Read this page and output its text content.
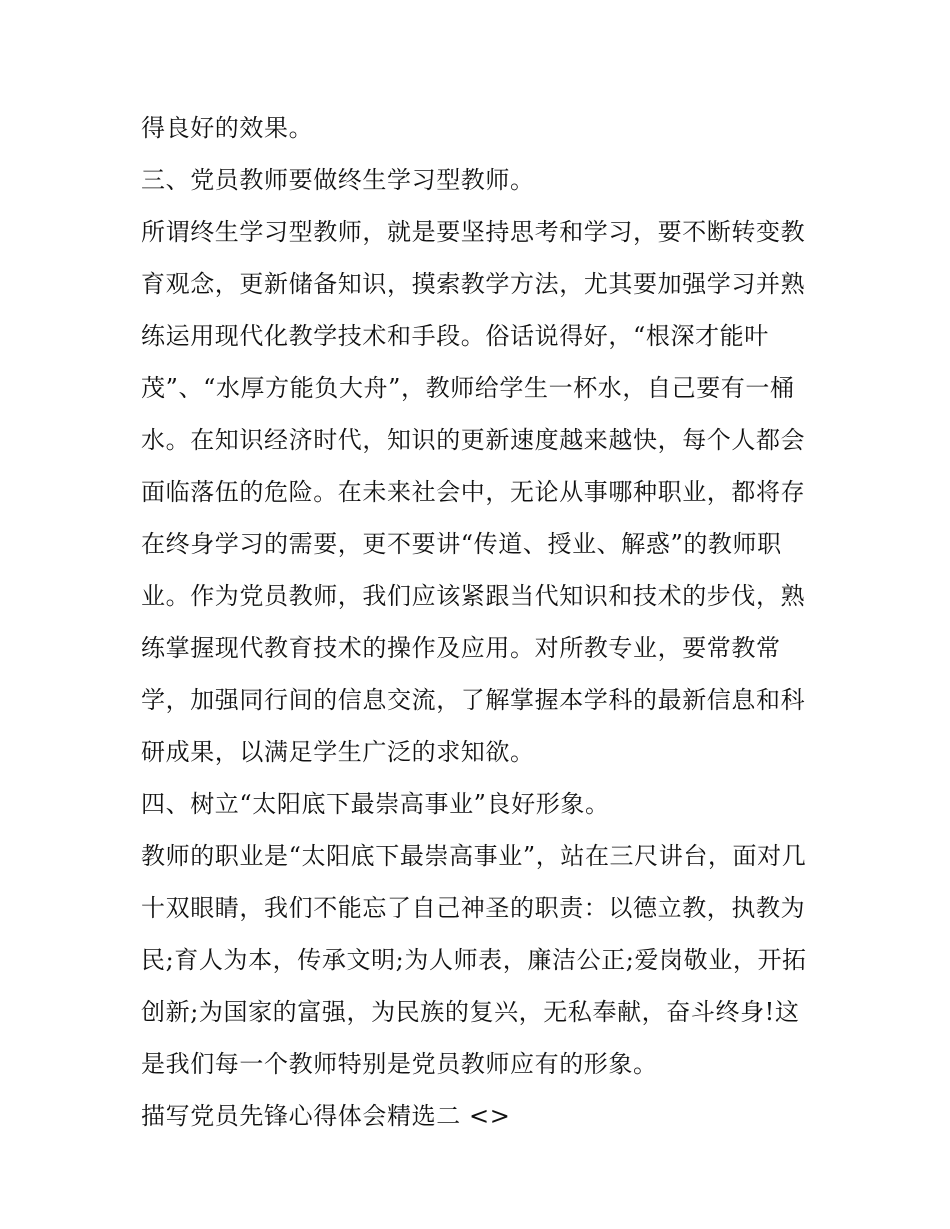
得良好的效果。
三、党员教师要做终生学习型教师。
所谓终生学习型教师，就是要坚持思考和学习，要不断转变教
育观念，更新储备知识，摸索教学方法，尤其要加强学习并熟
练运用现代化教学技术和手段。俗话说得好，“根深才能叶
茂”、“水厚方能负大舟”，教师给学生一杯水，自己要有一桶
水。在知识经济时代，知识的更新速度越来越快，每个人都会
面临落伍的危险。在未来社会中，无论从事哪种职业，都将存
在终身学习的需要，更不要讲“传道、授业、解惑”的教师职
业。作为党员教师，我们应该紧跟当代知识和技术的步伐，熟
练掌握现代教育技术的操作及应用。对所教专业，要常教常
学，加强同行间的信息交流，了解掌握本学科的最新信息和科
研成果，以满足学生广泛的求知欲。
四、树立“太阳底下最崇高事业”良好形象。
教师的职业是“太阳底下最崇高事业”，站在三尺讲台，面对几
十双眼睛，我们不能忘了自己神圣的职责：以德立教，执教为
民;育人为本，传承文明;为人师表，廉洁公正;爱岗敬业，开拓
创新;为国家的富强，为民族的复兴，无私奉献，奋斗终身!这
是我们每一个教师特别是党员教师应有的形象。
描写党员先锋心得体会精选二 <>
